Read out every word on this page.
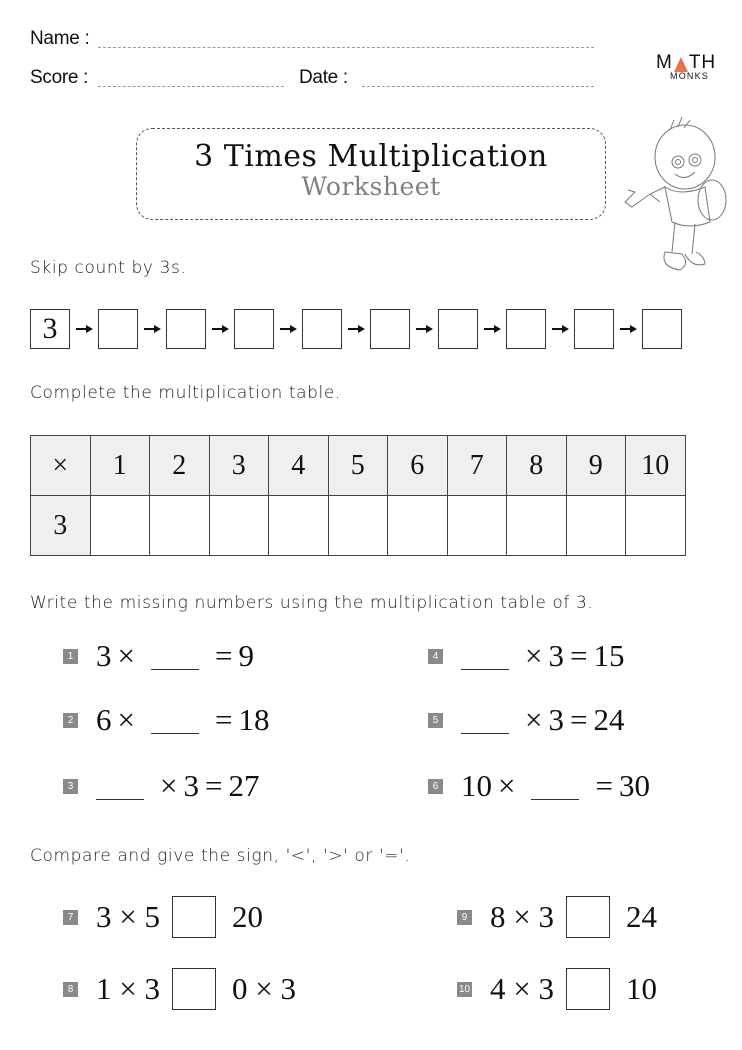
Name :
Score :	Date :
M TH
MONKS
3 Times Multiplication
Worksheet
Skip count by 3s.
3
Complete the multiplication table.
×	1	2	3	4	5	6	7	8	9	10
3										
Write the missing numbers using the multiplication table of 3.
1 3 ×	= 9
2 6 ×	= 18
3	× 3 = 27
4	× 3 = 15
5	× 3 = 24
6 10 ×	= 30
Compare and give the sign, '<', '>' or '='.
7 3 × 5 20
8 1 × 3 0 × 3
9 8 × 3 24
10 4 × 3 10
